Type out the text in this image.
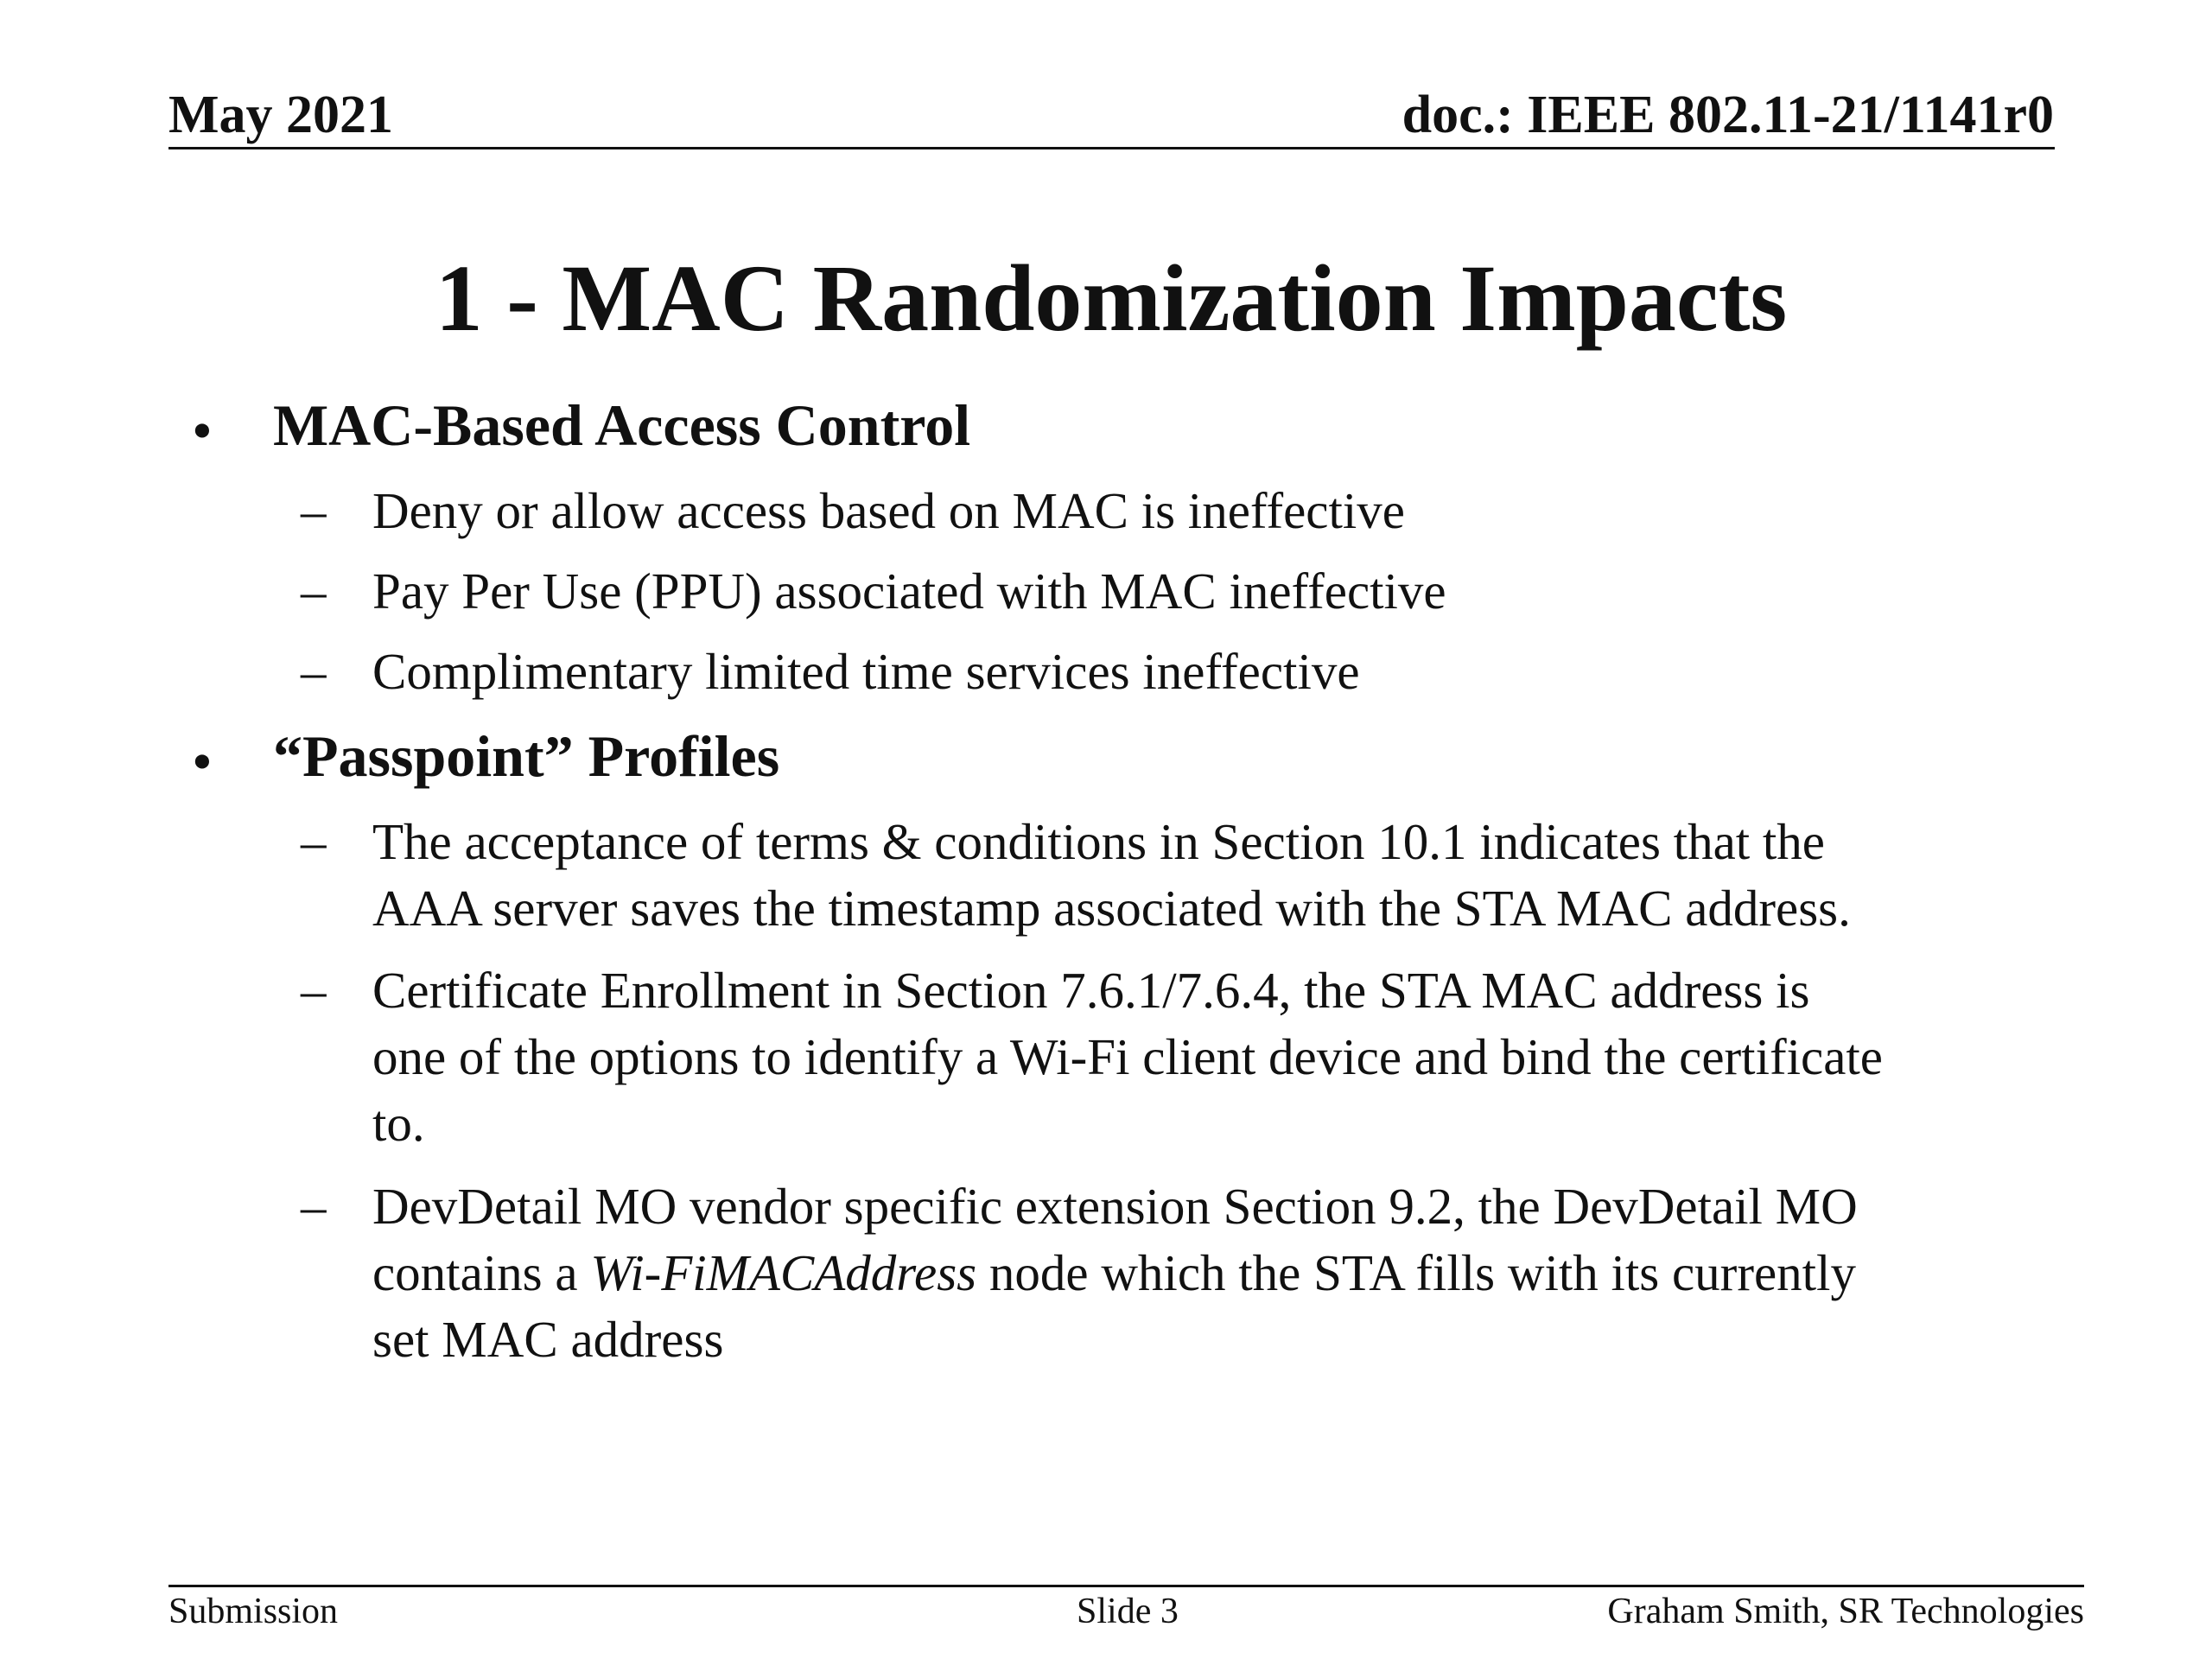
May 2021	doc.: IEEE 802.11-21/1141r0
1 - MAC Randomization Impacts
• MAC-Based Access Control
– Deny or allow access based on MAC is ineffective
– Pay Per Use (PPU) associated with MAC ineffective
– Complimentary limited time services ineffective
• “Passpoint” Profiles
– The acceptance of terms & conditions in Section 10.1 indicates that the
AAA server saves the timestamp associated with the STA MAC address.
– Certificate Enrollment in Section 7.6.1/7.6.4, the STA MAC address is
one of the options to identify a Wi-Fi client device and bind the certificate
to.
– DevDetail MO vendor specific extension Section 9.2, the DevDetail MO
contains a Wi-FiMACAddress node which the STA fills with its currently
set MAC address
Submission	Slide 3	Graham Smith, SR Technologies
